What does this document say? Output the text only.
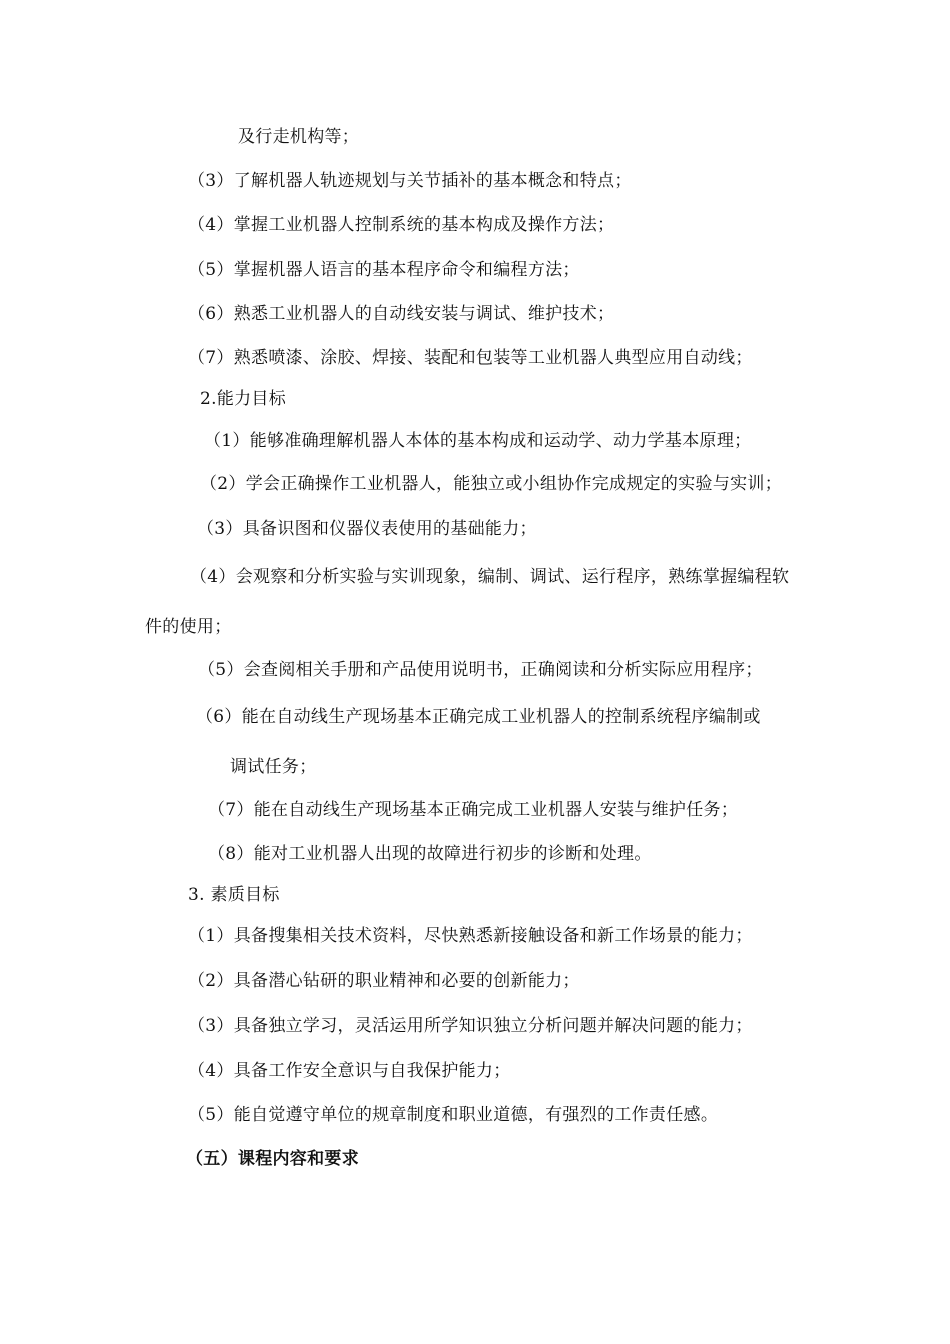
及行走机构等；
（3）了解机器人轨迹规划与关节插补的基本概念和特点；
（4）掌握工业机器人控制系统的基本构成及操作方法；
（5）掌握机器人语言的基本程序命令和编程方法；
（6）熟悉工业机器人的自动线安装与调试、维护技术；
（7）熟悉喷漆、涂胶、焊接、装配和包装等工业机器人典型应用自动线；
2.能力目标
（1）能够准确理解机器人本体的基本构成和运动学、动力学基本原理；
（2）学会正确操作工业机器人，能独立或小组协作完成规定的实验与实训；
（3）具备识图和仪器仪表使用的基础能力；
（4）会观察和分析实验与实训现象，编制、调试、运行程序，熟练掌握编程软
件的使用；
（5）会查阅相关手册和产品使用说明书，正确阅读和分析实际应用程序；
（6）能在自动线生产现场基本正确完成工业机器人的控制系统程序编制或
调试任务；
（7）能在自动线生产现场基本正确完成工业机器人安装与维护任务；
（8）能对工业机器人出现的故障进行初步的诊断和处理。
3. 素质目标
（1）具备搜集相关技术资料，尽快熟悉新接触设备和新工作场景的能力；
（2）具备潜心钻研的职业精神和必要的创新能力；
（3）具备独立学习，灵活运用所学知识独立分析问题并解决问题的能力；
（4）具备工作安全意识与自我保护能力；
（5）能自觉遵守单位的规章制度和职业道德，有强烈的工作责任感。
（五）课程内容和要求
